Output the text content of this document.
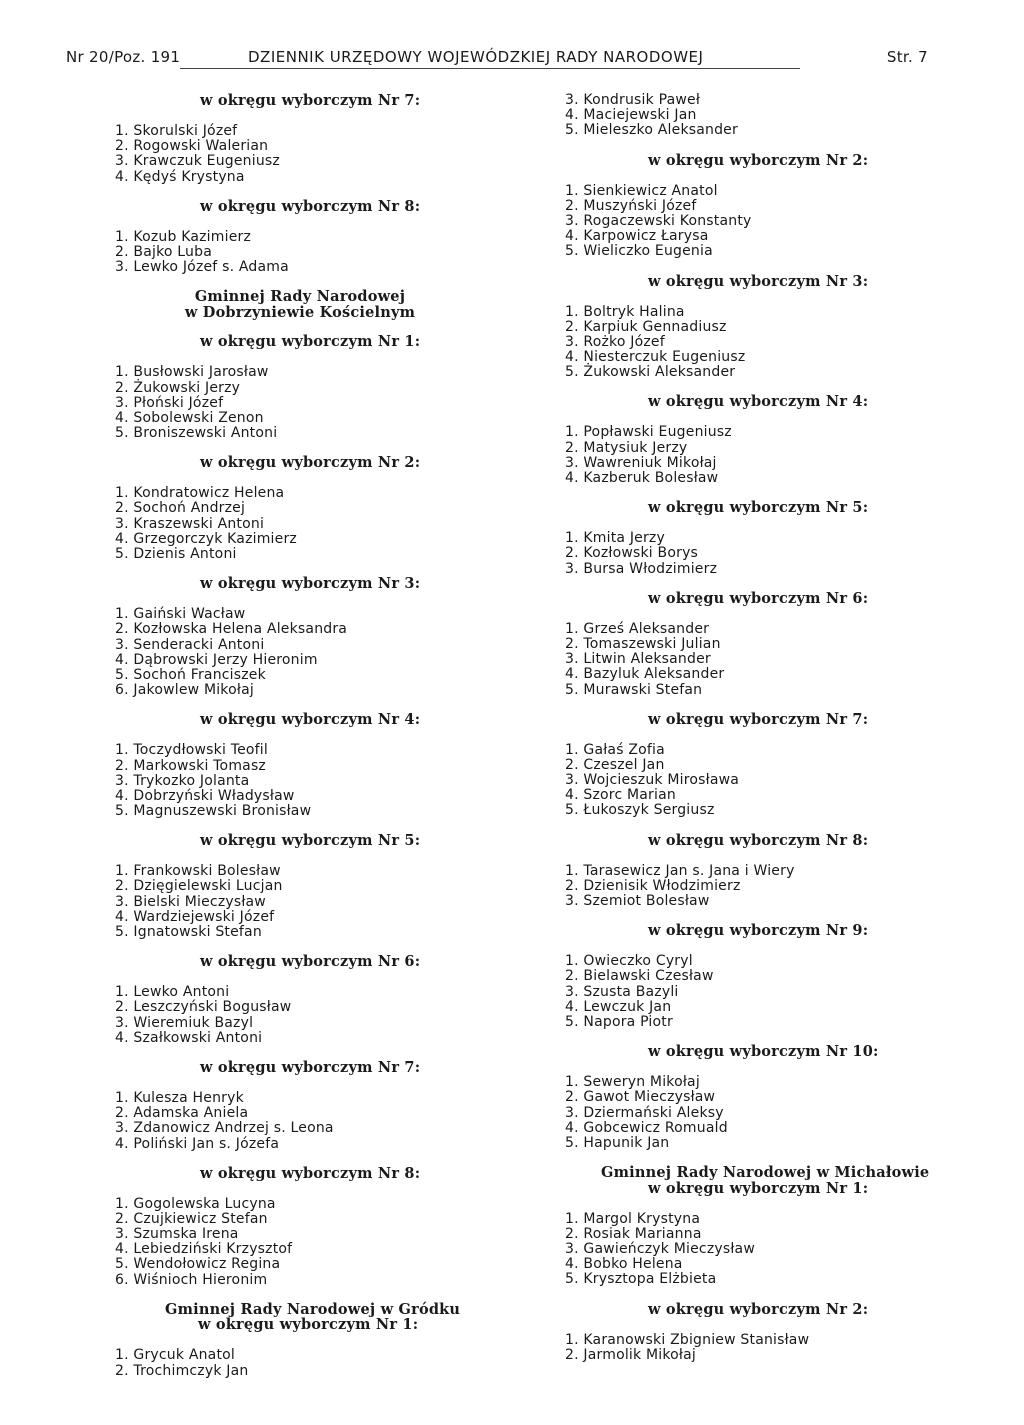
Nr 20/Poz. 191	DZIENNIK URZĘDOWY WOJEWÓDZKIEJ RADY NARODOWEJ	Str. 7
w okręgu wyborczym Nr 7:
1. Skorulski Józef
2. Rogowski Walerian
3. Krawczuk Eugeniusz
4. Kędyś Krystyna
w okręgu wyborczym Nr 8:
1. Kozub Kazimierz
2. Bajko Luba
3. Lewko Józef s. Adama
Gminnej Rady Narodowej
w Dobrzyniewie Kościelnym
w okręgu wyborczym Nr 1:
1. Busłowski Jarosław
2. Żukowski Jerzy
3. Płoński Józef
4. Sobolewski Zenon
5. Broniszewski Antoni
w okręgu wyborczym Nr 2:
1. Kondratowicz Helena
2. Sochoń Andrzej
3. Kraszewski Antoni
4. Grzegorczyk Kazimierz
5. Dzienis Antoni
w okręgu wyborczym Nr 3:
1. Gaiński Wacław
2. Kozłowska Helena Aleksandra
3. Senderacki Antoni
4. Dąbrowski Jerzy Hieronim
5. Sochoń Franciszek
6. Jakowlew Mikołaj
w okręgu wyborczym Nr 4:
1. Toczydłowski Teofil
2. Markowski Tomasz
3. Trykozko Jolanta
4. Dobrzyński Władysław
5. Magnuszewski Bronisław
w okręgu wyborczym Nr 5:
1. Frankowski Bolesław
2. Dzięgielewski Lucjan
3. Bielski Mieczysław
4. Wardziejewski Józef
5. Ignatowski Stefan
w okręgu wyborczym Nr 6:
1. Lewko Antoni
2. Leszczyński Bogusław
3. Wieremiuk Bazyl
4. Szałkowski Antoni
w okręgu wyborczym Nr 7:
1. Kulesza Henryk
2. Adamska Aniela
3. Zdanowicz Andrzej s. Leona
4. Poliński Jan s. Józefa
w okręgu wyborczym Nr 8:
1. Gogolewska Lucyna
2. Czujkiewicz Stefan
3. Szumska Irena
4. Lebiedziński Krzysztof
5. Wendołowicz Regina
6. Wiśnioch Hieronim
Gminnej Rady Narodowej w Gródku
w okręgu wyborczym Nr 1:
1. Grycuk Anatol
2. Trochimczyk Jan
3. Kondrusik Paweł
4. Maciejewski Jan
5. Mieleszko Aleksander
w okręgu wyborczym Nr 2:
1. Sienkiewicz Anatol
2. Muszyński Józef
3. Rogaczewski Konstanty
4. Karpowicz Łarysa
5. Wieliczko Eugenia
w okręgu wyborczym Nr 3:
1. Boltryk Halina
2. Karpiuk Gennadiusz
3. Rożko Józef
4. Niesterczuk Eugeniusz
5. Żukowski Aleksander
w okręgu wyborczym Nr 4:
1. Popławski Eugeniusz
2. Matysiuk Jerzy
3. Wawreniuk Mikołaj
4. Kazberuk Bolesław
w okręgu wyborczym Nr 5:
1. Kmita Jerzy
2. Kozłowski Borys
3. Bursa Włodzimierz
w okręgu wyborczym Nr 6:
1. Grześ Aleksander
2. Tomaszewski Julian
3. Litwin Aleksander
4. Bazyluk Aleksander
5. Murawski Stefan
w okręgu wyborczym Nr 7:
1. Gałaś Zofia
2. Czeszel Jan
3. Wojcieszuk Mirosława
4. Szorc Marian
5. Łukoszyk Sergiusz
w okręgu wyborczym Nr 8:
1. Tarasewicz Jan s. Jana i Wiery
2. Dzienisik Włodzimierz
3. Szemiot Bolesław
w okręgu wyborczym Nr 9:
1. Owieczko Cyryl
2. Bielawski Czesław
3. Szusta Bazyli
4. Lewczuk Jan
5. Napora Piotr
w okręgu wyborczym Nr 10:
1. Seweryn Mikołaj
2. Gawot Mieczysław
3. Dziermański Aleksy
4. Gobcewicz Romuald
5. Hapunik Jan
Gminnej Rady Narodowej w Michałowie
w okręgu wyborczym Nr 1:
1. Margol Krystyna
2. Rosiak Marianna
3. Gawieńczyk Mieczysław
4. Bobko Helena
5. Krysztopa Elżbieta
w okręgu wyborczym Nr 2:
1. Karanowski Zbigniew Stanisław
2. Jarmolik Mikołaj
